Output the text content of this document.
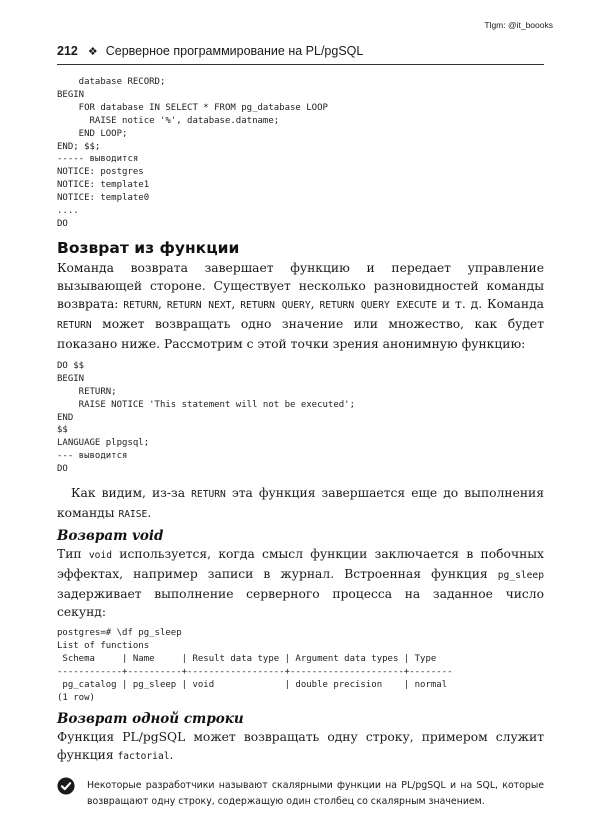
Tlgm: @it_boooks
212 ❖ Серверное программирование на PL/pgSQL
database RECORD;
BEGIN
FOR database IN SELECT * FROM pg_database LOOP
RAISE notice '%', database.datname;
END LOOP;
END; $$;
----- выводится
NOTICE: postgres
NOTICE: template1
NOTICE: template0
....
DO
Возврат из функции

Команда возврата завершает функцию и передает управление вызывающей стороне. Существует несколько разновидностей команды возврата: RETURN, RETURN NEXT, RETURN QUERY, RETURN QUERY EXECUTE и т. д. Команда RETURN может возвращать одно значение или множество, как будет показано ниже. Рассмотрим с этой точки зрения анонимную функцию:

DO $$
BEGIN
RETURN;
RAISE NOTICE 'This statement will not be executed';
END
$$
LANGUAGE plpgsql;
--- выводится
DO

Как видим, из-за RETURN эта функция завершается еще до выполнения команды RAISE.

Возврат void

Тип void используется, когда смысл функции заключается в побочных эффектах, например записи в журнал. Встроенная функция pg_sleep задерживает выполнение серверного процесса на заданное число секунд:

postgres=# \df pg_sleep
List of functions
Schema     | Name     | Result data type | Argument data types | Type
------------+----------+------------------+---------------------+--------
pg_catalog | pg_sleep | void             | double precision    | normal
(1 row)
Возврат одной строки

Функция PL/pgSQL может возвращать одну строку, примером служит функция factorial.

Некоторые разработчики называют скалярными функции на PL/pgSQL и на SQL, которые возвращают одну строку, содержащую один столбец со скалярным значением.
